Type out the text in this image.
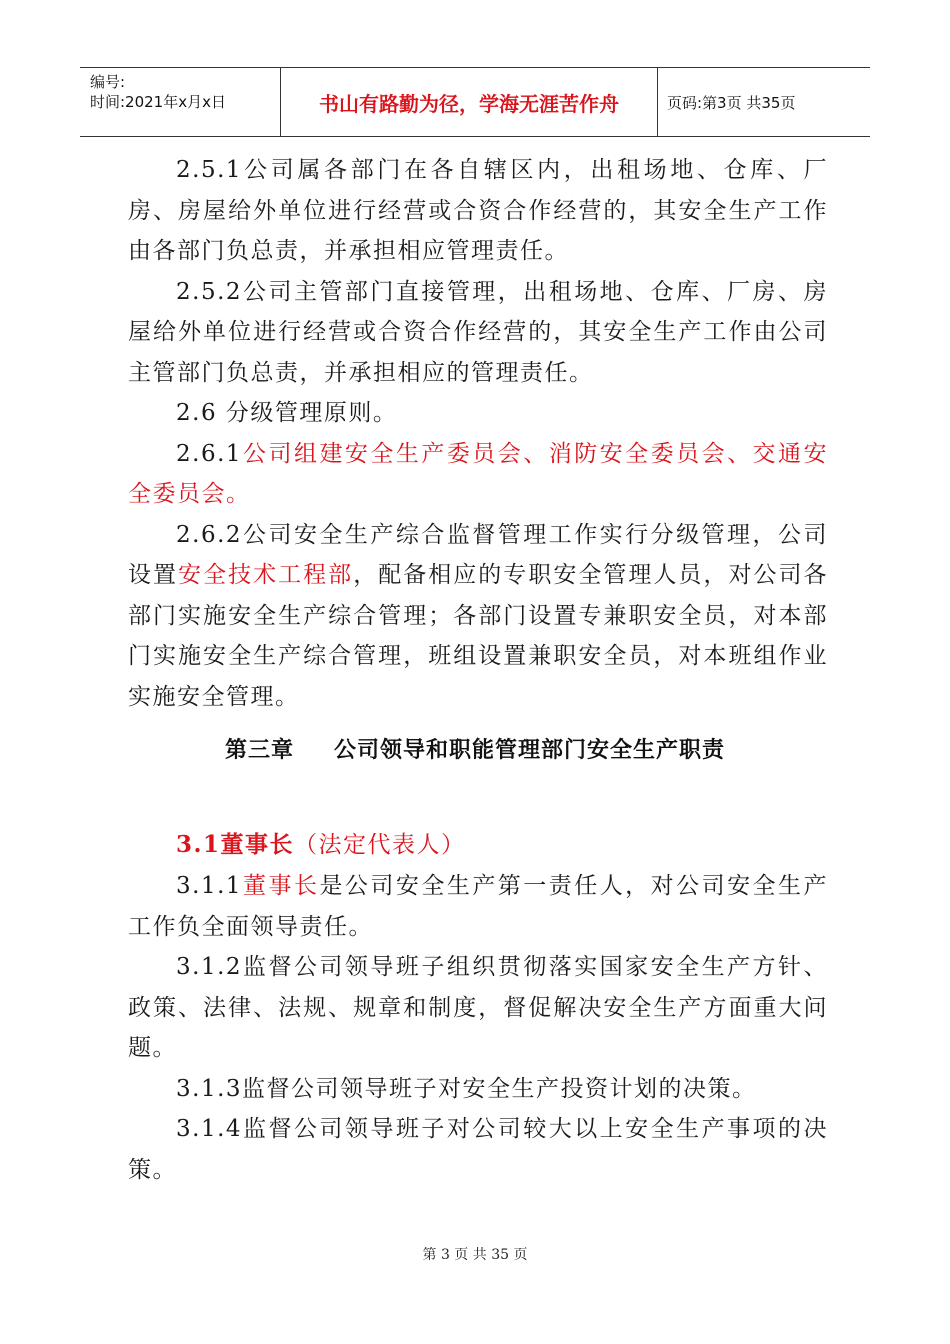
编号:
时间:2021年x月x日	书山有路勤为径，学海无涯苦作舟	页码:第3页 共35页

2.5.1公司属各部门在各自辖区内，出租场地、仓库、厂房、房屋给外单位进行经营或合资合作经营的，其安全生产工作由各部门负总责，并承担相应管理责任。

2.5.2公司主管部门直接管理，出租场地、仓库、厂房、房屋给外单位进行经营或合资合作经营的，其安全生产工作由公司主管部门负总责，并承担相应的管理责任。

2.6 分级管理原则。

2.6.1公司组建安全生产委员会、消防安全委员会、交通安全委员会。

2.6.2公司安全生产综合监督管理工作实行分级管理，公司设置安全技术工程部，配备相应的专职安全管理人员，对公司各部门实施安全生产综合管理；各部门设置专兼职安全员，对本部门实施安全生产综合管理，班组设置兼职安全员，对本班组作业实施安全管理。

第三章 公司领导和职能管理部门安全生产职责
3.1董事长（法定代表人）

3.1.1董事长是公司安全生产第一责任人，对公司安全生产工作负全面领导责任。

3.1.2监督公司领导班子组织贯彻落实国家安全生产方针、政策、法律、法规、规章和制度，督促解决安全生产方面重大问题。

3.1.3监督公司领导班子对安全生产投资计划的决策。

3.1.4监督公司领导班子对公司较大以上安全生产事项的决策。

第 3 页 共 35 页
